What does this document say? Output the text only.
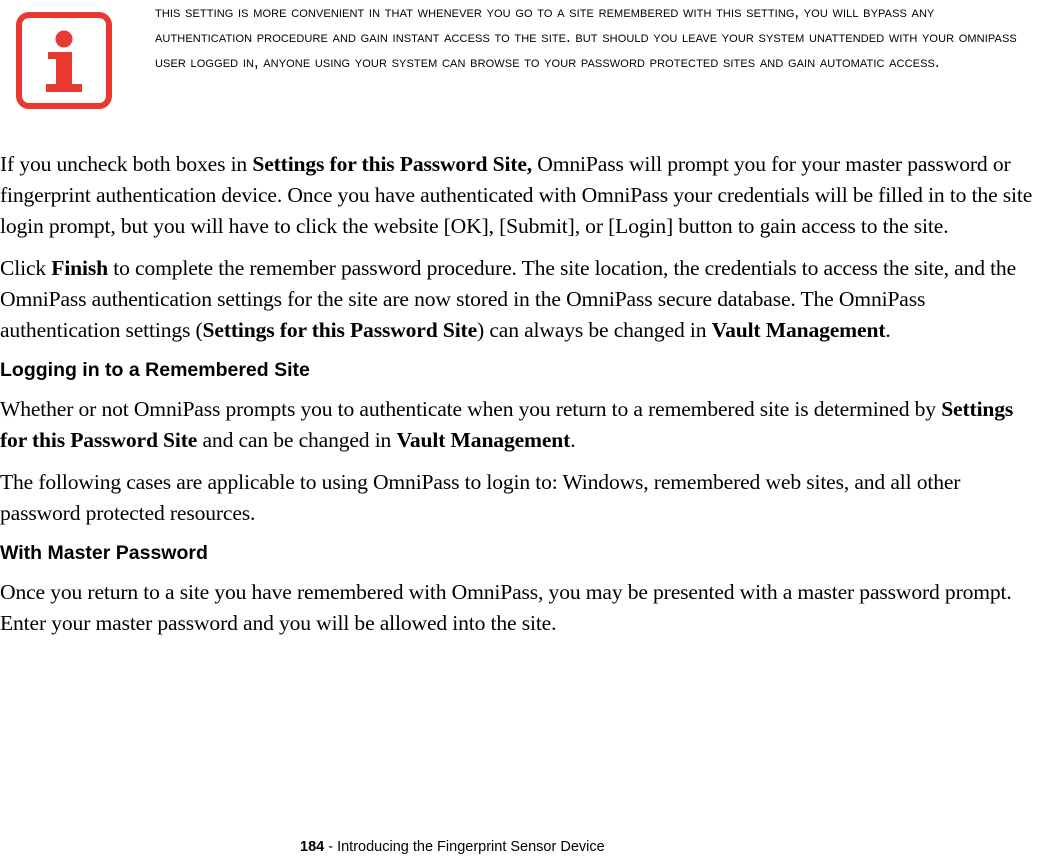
this setting is more convenient in that whenever you go to a site remembered with this setting, you will bypass any authentication procedure and gain instant access to the site. but should you leave your system unattended with your omnipass user logged in, anyone using your system can browse to your password protected sites and gain automatic access.

If you uncheck both boxes in Settings for this Password Site, OmniPass will prompt you for your master password or fingerprint authentication device. Once you have authenticated with OmniPass your credentials will be filled in to the site login prompt, but you will have to click the website [OK], [Submit], or [Login] button to gain access to the site.

Click Finish to complete the remember password procedure. The site location, the credentials to access the site, and the OmniPass authentication settings for the site are now stored in the OmniPass secure database. The OmniPass authentication settings (Settings for this Password Site) can always be changed in Vault Management.

Logging in to a Remembered Site

Whether or not OmniPass prompts you to authenticate when you return to a remembered site is determined by Settings for this Password Site and can be changed in Vault Management.

The following cases are applicable to using OmniPass to login to: Windows, remembered web sites, and all other password protected resources.

With Master Password

Once you return to a site you have remembered with OmniPass, you may be presented with a master password prompt. Enter your master password and you will be allowed into the site.

184 - Introducing the Fingerprint Sensor Device
